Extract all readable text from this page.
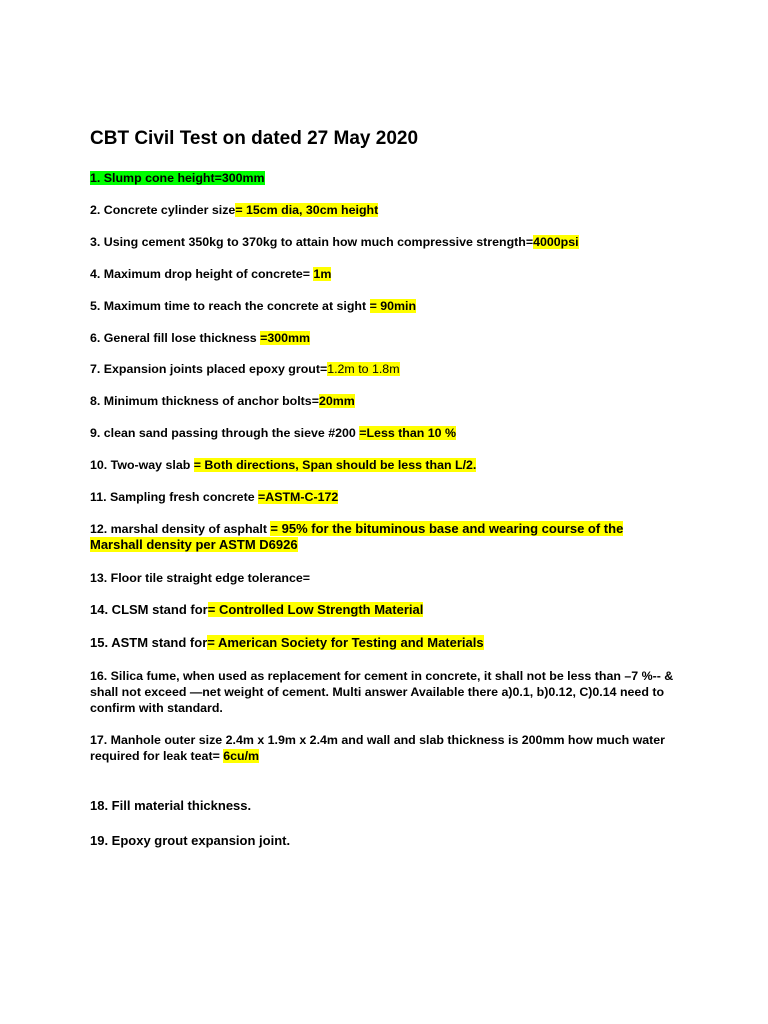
CBT Civil Test on dated 27 May 2020

1. Slump cone height=300mm

2. Concrete cylinder size= 15cm dia, 30cm height

3. Using cement 350kg to 370kg to attain how much compressive strength=4000psi

4. Maximum drop height of concrete= 1m

5. Maximum time to reach the concrete at sight = 90min

6. General fill lose thickness =300mm

7. Expansion joints placed epoxy grout=1.2m to 1.8m

8. Minimum thickness of anchor bolts=20mm

9. clean sand passing through the sieve #200 =Less than 10 %

10. Two-way slab = Both directions, Span should be less than L/2.

11. Sampling fresh concrete =ASTM-C-172

12. marshal density of asphalt = 95% for the bituminous base and wearing course of the Marshall density per ASTM D6926

13. Floor tile straight edge tolerance=

14. CLSM stand for= Controlled Low Strength Material

15. ASTM stand for= American Society for Testing and Materials

16. Silica fume, when used as replacement for cement in concrete, it shall not be less than –7 %-- & shall not exceed —net weight of cement. Multi answer Available there a)0.1, b)0.12, C)0.14 need to confirm with standard.

17. Manhole outer size 2.4m x 1.9m x 2.4m and wall and slab thickness is 200mm how much water required for leak teat= 6cu/m

18. Fill material thickness.

19. Epoxy grout expansion joint.
